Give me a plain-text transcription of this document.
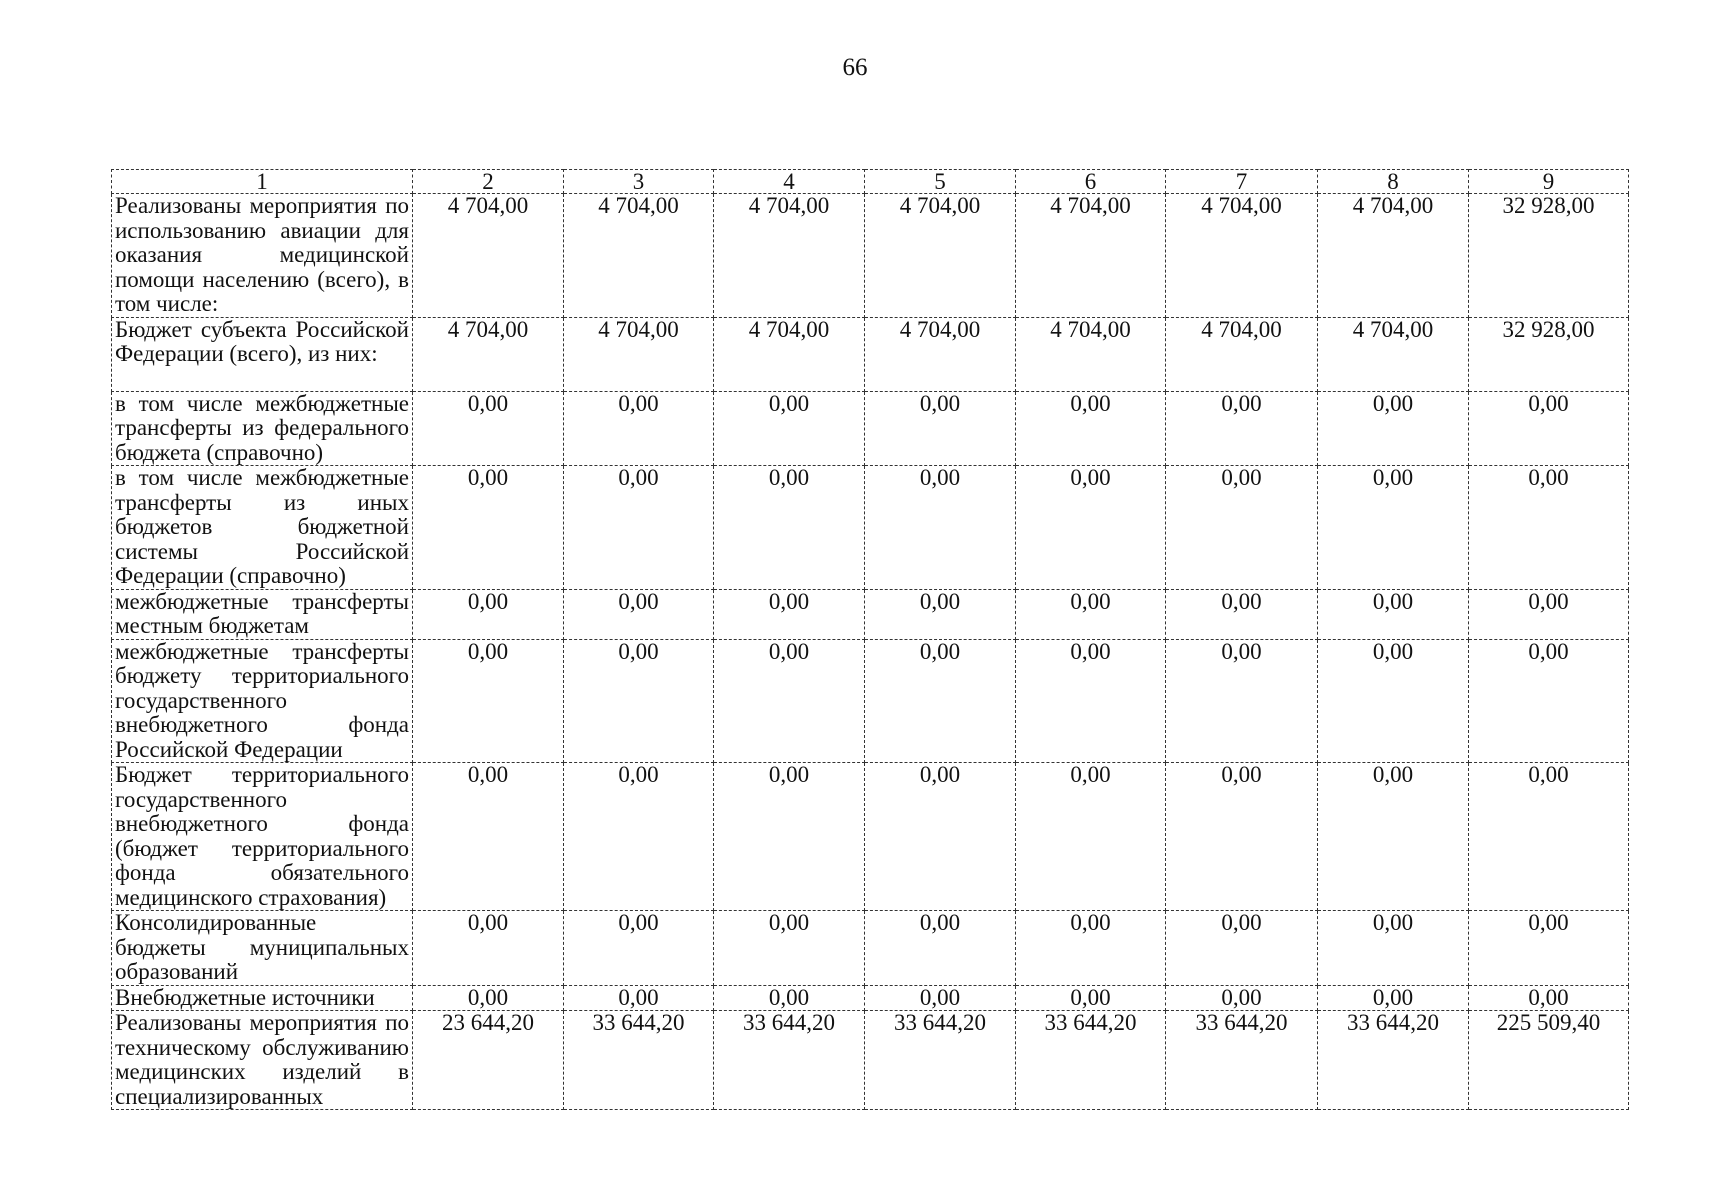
66
1	2	3	4	5	6	7	8	9
Реализованы мероприятия по использованию авиации для оказания медицинской помощи населению (всего), в том числе:	4 704,00	4 704,00	4 704,00	4 704,00	4 704,00	4 704,00	4 704,00	32 928,00
Бюджет субъекта Российской Федерации (всего), из них:	4 704,00	4 704,00	4 704,00	4 704,00	4 704,00	4 704,00	4 704,00	32 928,00
в том числе межбюджетные трансферты из федерального бюджета (справочно)	0,00	0,00	0,00	0,00	0,00	0,00	0,00	0,00
в том числе межбюджетные трансферты из иных бюджетов бюджетной системы Российской Федерации (справочно)	0,00	0,00	0,00	0,00	0,00	0,00	0,00	0,00
межбюджетные трансферты местным бюджетам	0,00	0,00	0,00	0,00	0,00	0,00	0,00	0,00
межбюджетные трансферты бюджету территориального государственного внебюджетного фонда Российской Федерации	0,00	0,00	0,00	0,00	0,00	0,00	0,00	0,00
Бюджет территориального государственного внебюджетного фонда (бюджет территориального фонда обязательного медицинского страхования)	0,00	0,00	0,00	0,00	0,00	0,00	0,00	0,00
Консолидированные бюджеты муниципальных образований	0,00	0,00	0,00	0,00	0,00	0,00	0,00	0,00
Внебюджетные источники	0,00	0,00	0,00	0,00	0,00	0,00	0,00	0,00
Реализованы мероприятия по техническому обслуживанию медицинских изделий в специализированных	23 644,20	33 644,20	33 644,20	33 644,20	33 644,20	33 644,20	33 644,20	225 509,40
